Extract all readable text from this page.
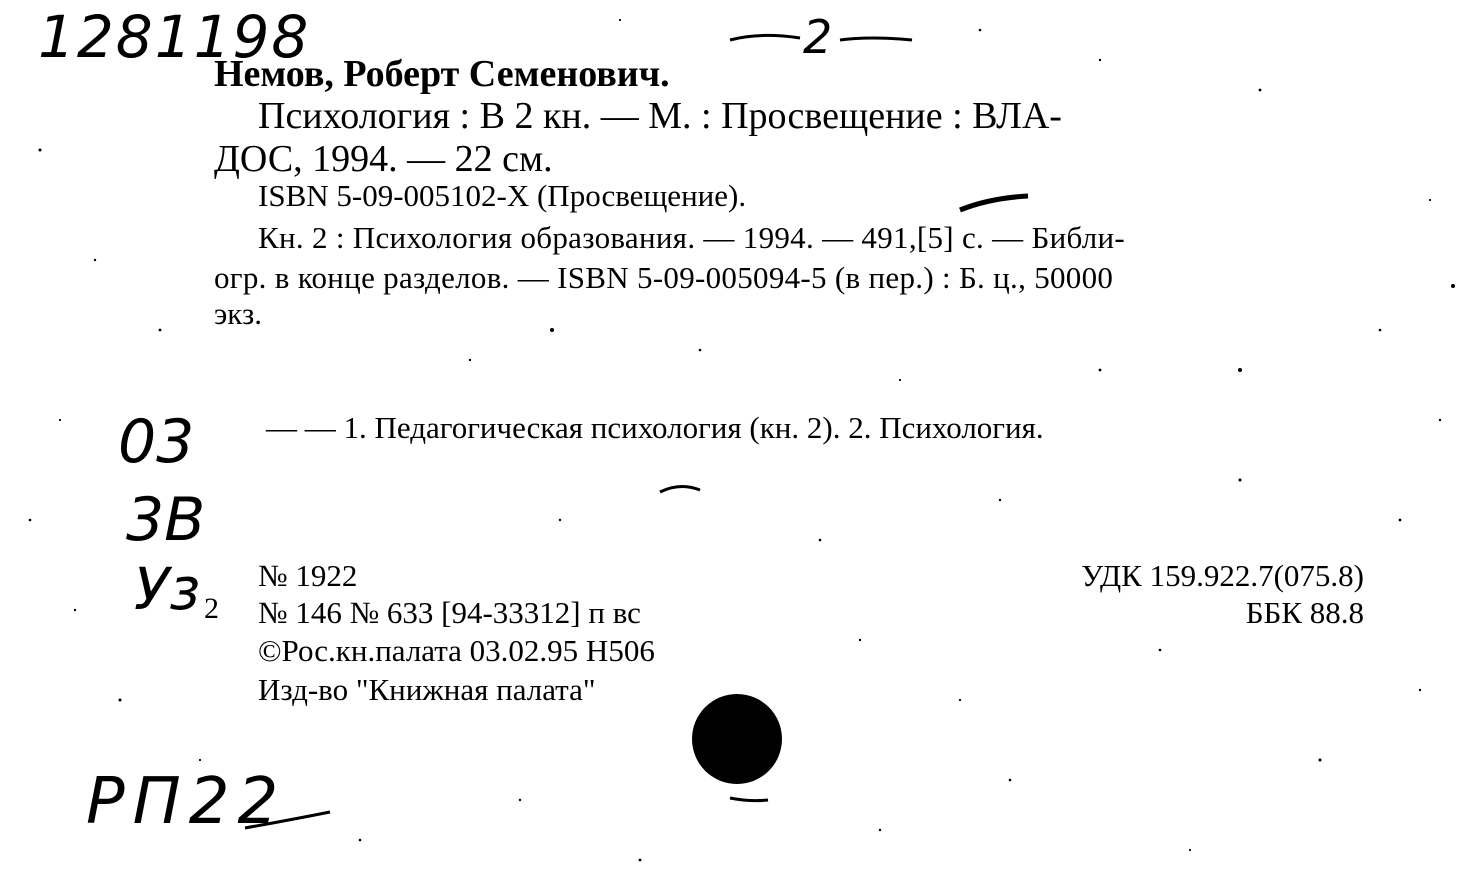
1281198	2
03
3B
Уз 2
РП22
Немов, Роберт Семенович.
Психология : В 2 кн. — М. : Просвещение : ВЛА-
ДОС, 1994. — 22 см.
ISBN 5-09-005102-X (Просвещение).
Кн. 2 : Психология образования. — 1994. — 491,[5] с. — Библи-
огр. в конце разделов. — ISBN 5-09-005094-5 (в пер.) : Б. ц., 50000
экз.
— — 1. Педагогическая психология (кн. 2). 2. Психология.
№ 1922
№ 146 № 633 [94-33312] п вс
©Рос.кн.палата 03.02.95 Н506
Изд-во "Книжная палата"
УДК 159.922.7(075.8)
ББК 88.8
